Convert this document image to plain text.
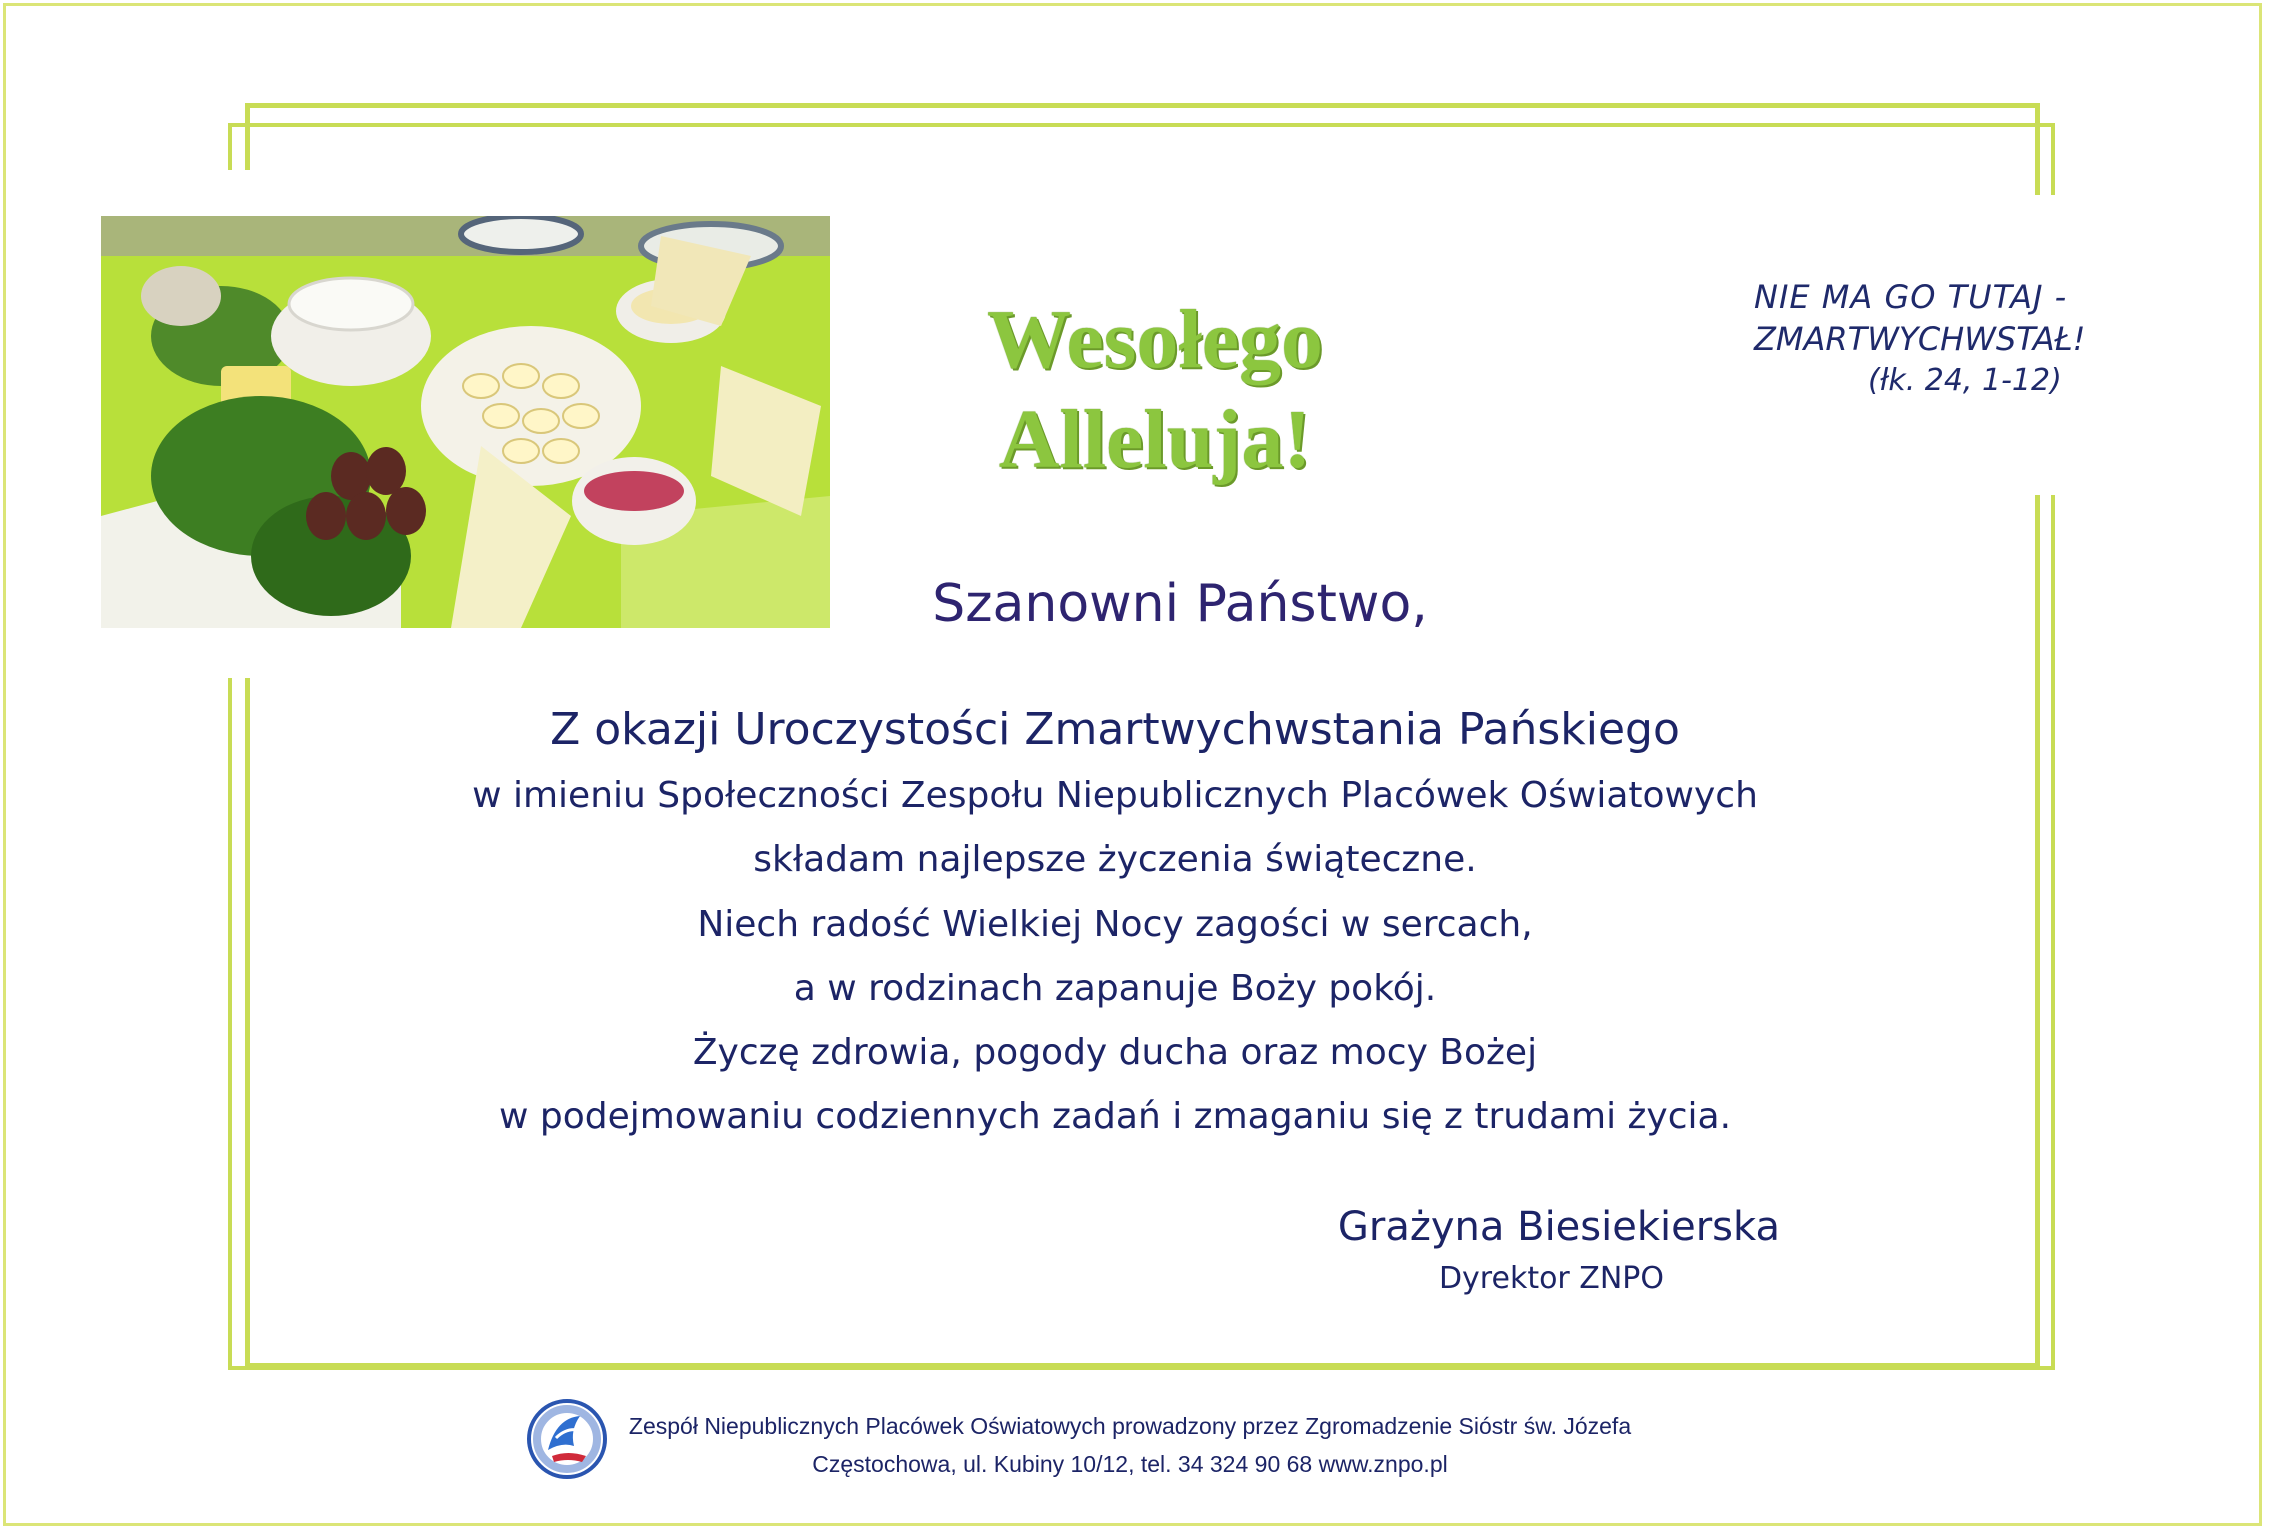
Wesołego
Alleluja!
NIE MA GO TUTAJ -
ZMARTWYCHWSTAŁ!
(łk. 24, 1-12)
Szanowni Państwo,
Z okazji Uroczystości Zmartwychwstania Pańskiego
w imieniu Społeczności Zespołu Niepublicznych Placówek Oświatowych
składam najlepsze życzenia świąteczne.
Niech radość Wielkiej Nocy zagości w sercach,
a w rodzinach zapanuje Boży pokój.
Życzę zdrowia, pogody ducha oraz mocy Bożej
w podejmowaniu codziennych zadań i zmaganiu się z trudami życia.
Grażyna Biesiekierska
Dyrektor ZNPO
Zespół Niepublicznych Placówek Oświatowych prowadzony przez Zgromadzenie Sióstr św. Józefa
Częstochowa, ul. Kubiny 10/12, tel. 34 324 90 68 www.znpo.pl
